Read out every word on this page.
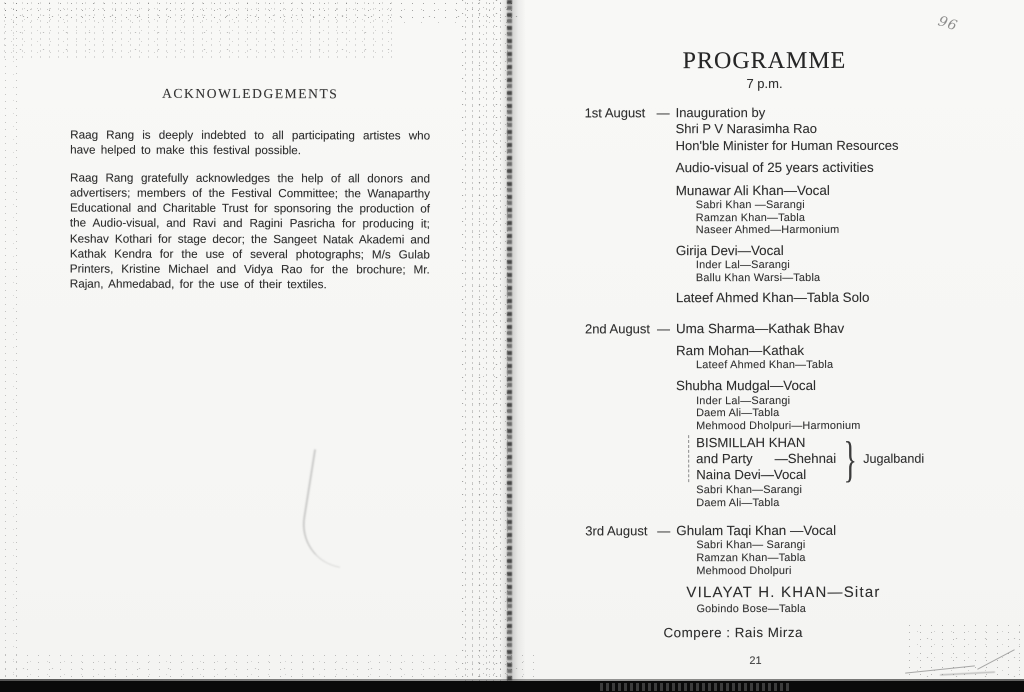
96
ACKNOWLEDGEMENTS

Raag Rang is deeply indebted to all participating artistes who have helped to make this festival possible.

Raag Rang gratefully acknowledges the help of all donors and advertisers; members of the Festival Committee; the Wanaparthy Educational and Charitable Trust for sponsoring the production of the Audio-visual, and Ravi and Ragini Pasricha for producing it; Keshav Kothari for stage decor; the Sangeet Natak Akademi and Kathak Kendra for the use of several photographs; M/s Gulab Printers, Kristine Michael and Vidya Rao for the brochure; Mr. Rajan, Ahmedabad, for the use of their textiles.

PROGRAMME
7 p.m.
1st August — Inauguration by
Shri P V Narasimha Rao
Hon'ble Minister for Human Resources
Audio-visual of 25 years activities
Munawar Ali Khan—Vocal
Sabri Khan —Sarangi
Ramzan Khan—Tabla
Naseer Ahmed—Harmonium
Girija Devi—Vocal
Inder Lal—Sarangi
Ballu Khan Warsi—Tabla
Lateef Ahmed Khan—Tabla Solo
2nd August — Uma Sharma—Kathak Bhav
Ram Mohan—Kathak
Lateef Ahmed Khan—Tabla
Shubha Mudgal—Vocal
Inder Lal—Sarangi
Daem Ali—Tabla
Mehmood Dholpuri—Harmonium
BISMILLAH KHAN
and Party      —Shehnai
Naina Devi—Vocal } Jugalbandi
Sabri Khan—Sarangi
Daem Ali—Tabla
3rd August — Ghulam Taqi Khan —Vocal
Sabri Khan— Sarangi
Ramzan Khan—Tabla
Mehmood Dholpuri
VILAYAT H. KHAN—Sitar
Gobindo Bose—Tabla
Compere : Rais Mirza
21
